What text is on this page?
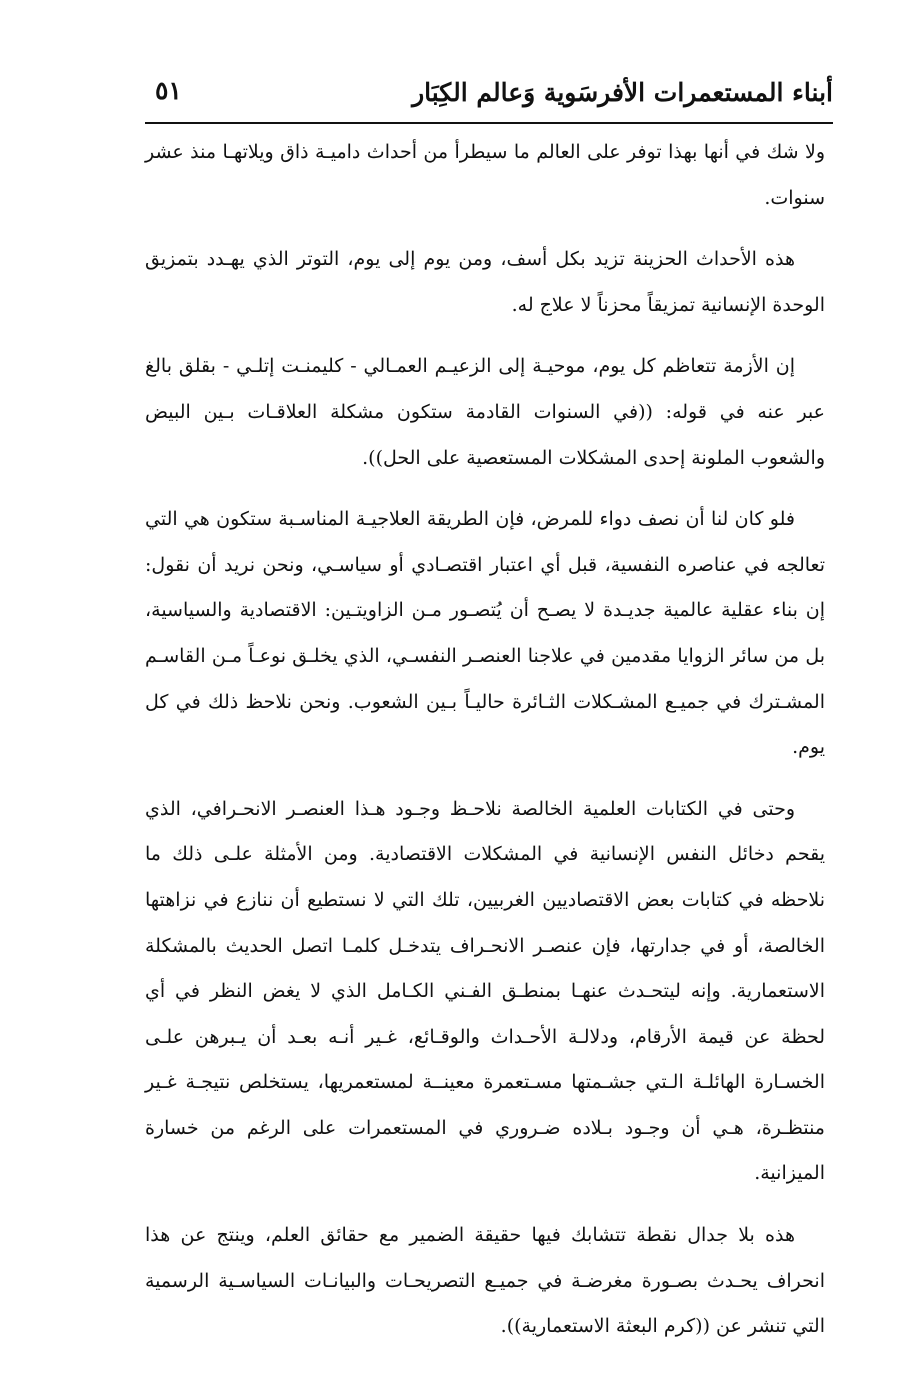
أبناء المستعمرات الأفرسَوية وَعالم الكِبَار
٥١

ولا شك في أنها بهذا توفر على العالم ما سيطرأ من أحداث داميـة ذاق ويلاتهـا منذ عشر سنوات.

هذه الأحداث الحزينة تزيد بكل أسف، ومن يوم إلى يوم، التوتر الذي يهـدد بتمزيق الوحدة الإنسانية تمزيقاً محزناً لا علاج له.

إن الأزمة تتعاظم كل يوم، موحيـة إلى الزعيـم العمـالي - كليمنـت إتلـي - بقلق بالغ عبر عنه في قوله: ((في السنوات القادمة ستكون مشكلة العلاقـات بـين البيض والشعوب الملونة إحدى المشكلات المستعصية على الحل)).

فلو كان لنا أن نصف دواء للمرض، فإن الطريقة العلاجيـة المناسـبة ستكون هي التي تعالجه في عناصره النفسية، قبل أي اعتبار اقتصـادي أو سياسـي، ونحن نريد أن نقول: إن بناء عقلية عالمية جديـدة لا يصـح أن يُتصـور مـن الزاويتـين: الاقتصادية والسياسية، بل من سائر الزوايا مقدمين في علاجنا العنصـر النفسـي، الذي يخلـق نوعـاً مـن القاسـم المشـترك في جميـع المشـكلات الثـائرة حاليـاً بـين الشعوب. ونحن نلاحظ ذلك في كل يوم.

وحتى في الكتابات العلمية الخالصة نلاحـظ وجـود هـذا العنصـر الانحـرافي، الذي يقحم دخائل النفس الإنسانية في المشكلات الاقتصادية. ومن الأمثلة علـى ذلك ما نلاحظه في كتابات بعض الاقتصاديين الغربيين، تلك التي لا نستطيع أن ننازع في نزاهتها الخالصة، أو في جدارتها، فإن عنصـر الانحـراف يتدخـل كلمـا اتصل الحديث بالمشكلة الاستعمارية. وإنه ليتحـدث عنهـا بمنطـق الفـني الكـامل الذي لا يغض النظر في أي لحظة عن قيمة الأرقام، ودلالـة الأحـداث والوقـائع، غـير أنـه بعـد أن يـبرهن علـى الخسـارة الهائلـة الـتي جشـمتها مسـتعمرة معينــة لمستعمريها، يستخلص نتيجـة غـير منتظـرة، هـي أن وجـود بـلاده ضـروري في المستعمرات على الرغم من خسارة الميزانية.

هذه بلا جدال نقطة تتشابك فيها حقيقة الضمير مع حقائق العلم، وينتج عن هذا انحراف يحـدث بصـورة مغرضـة في جميـع التصريحـات والبيانـات السياسـية الرسمية التي تنشر عن ((كرم البعثة الاستعمارية)).
